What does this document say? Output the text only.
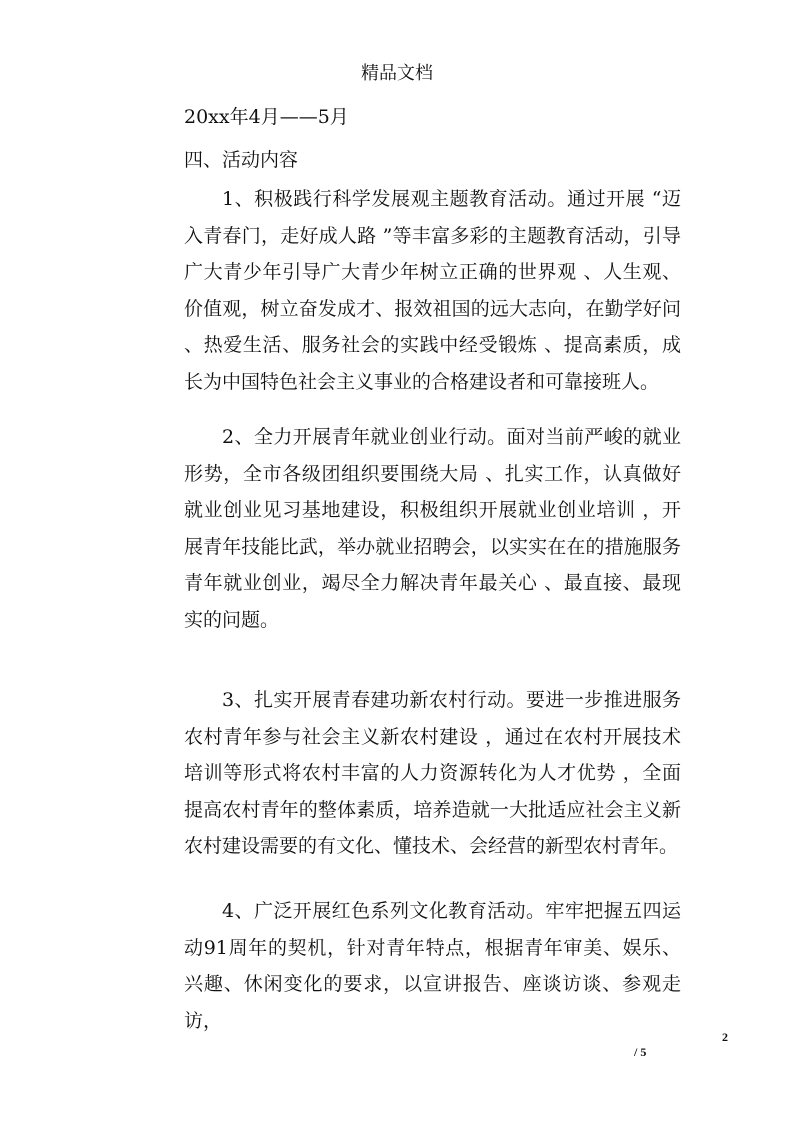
精品文档
20xx年4月——5月
四、活动内容
1、积极践行科学发展观主题教育活动。通过开展 “迈入青春门，走好成人路 ”等丰富多彩的主题教育活动，引导广大青少年引导广大青少年树立正确的世界观 、人生观、价值观，树立奋发成才、报效祖国的远大志向，在勤学好问 、热爱生活、服务社会的实践中经受锻炼 、提高素质，成长为中国特色社会主义事业的合格建设者和可靠接班人。
2、全力开展青年就业创业行动。面对当前严峻的就业形势，全市各级团组织要围绕大局 、扎实工作，认真做好就业创业见习基地建设，积极组织开展就业创业培训 ，开展青年技能比武，举办就业招聘会，以实实在在的措施服务青年就业创业，竭尽全力解决青年最关心 、最直接、最现实的问题。
3、扎实开展青春建功新农村行动。要进一步推进服务农村青年参与社会主义新农村建设 ，通过在农村开展技术培训等形式将农村丰富的人力资源转化为人才优势 ，全面提高农村青年的整体素质，培养造就一大批适应社会主义新农村建设需要的有文化、懂技术、会经营的新型农村青年。
4、广泛开展红色系列文化教育活动。牢牢把握五四运动91周年的契机，针对青年特点，根据青年审美、娱乐、兴趣、休闲变化的要求，以宣讲报告、座谈访谈、参观走访，
2
/ 5
